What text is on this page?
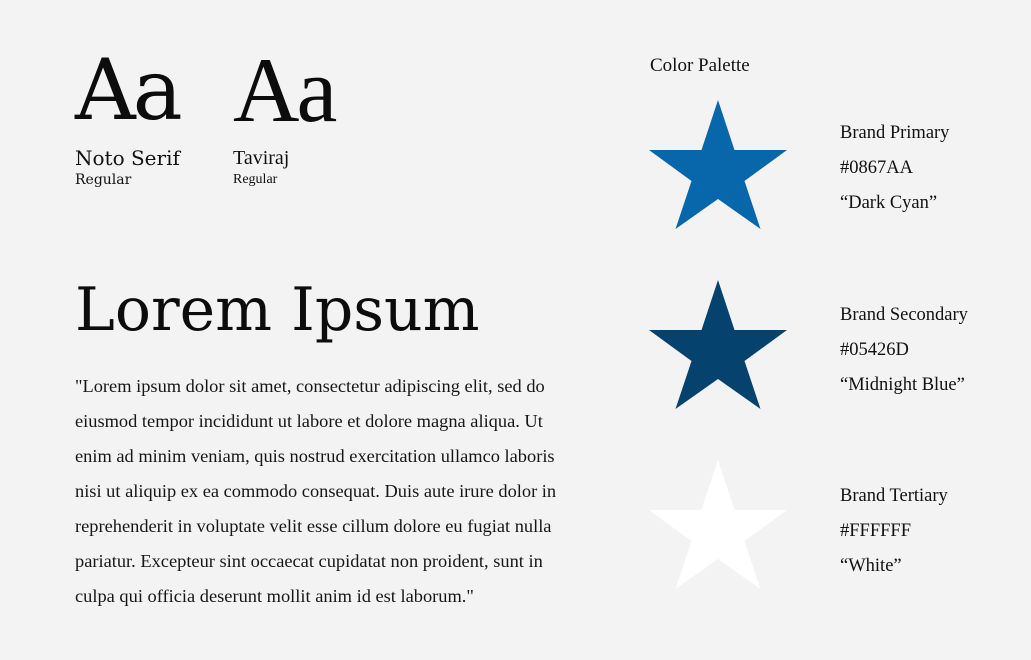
Aa
Noto Serif
Regular
Aa
Taviraj
Regular
Lorem Ipsum
"Lorem ipsum dolor sit amet, consectetur adipiscing elit, sed do eiusmod tempor incididunt ut labore et dolore magna aliqua. Ut enim ad minim veniam, quis nostrud exercitation ullamco laboris nisi ut aliquip ex ea commodo consequat. Duis aute irure dolor in reprehenderit in voluptate velit esse cillum dolore eu fugiat nulla pariatur. Excepteur sint occaecat cupidatat non proident, sunt in culpa qui officia deserunt mollit anim id est laborum."
Color Palette
Brand Primary
#0867AA
“Dark Cyan”
Brand Secondary
#05426D
“Midnight Blue”
Brand Tertiary
#FFFFFF
“White”
